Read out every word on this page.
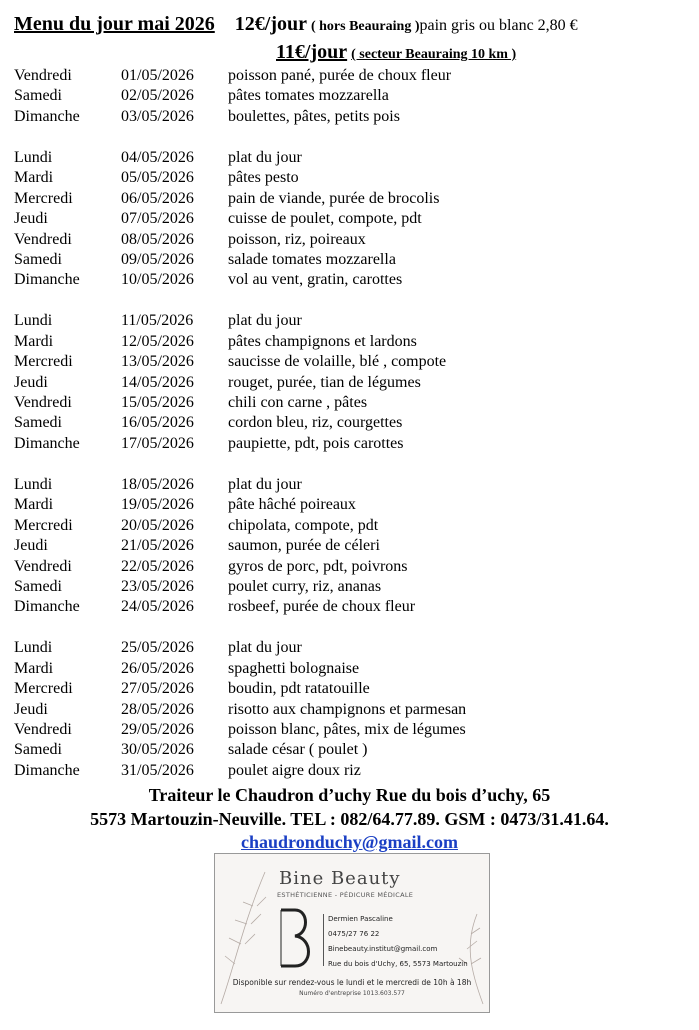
Menu du jour mai 2026 12€/jour ( hors Beauraing )pain gris ou blanc 2,80 €
11€/jour ( secteur Beauraing 10 km )
Vendredi	01/05/2026 poisson pané, purée de choux fleur
Samedi	02/05/2026 pâtes tomates mozzarella
Dimanche	03/05/2026 boulettes, pâtes, petits pois
Lundi	04/05/2026 plat du jour
Mardi	05/05/2026 pâtes pesto
Mercredi	06/05/2026 pain de viande, purée de brocolis
Jeudi	07/05/2026 cuisse de poulet, compote, pdt
Vendredi	08/05/2026 poisson, riz, poireaux
Samedi	09/05/2026 salade tomates mozzarella
Dimanche	10/05/2026 vol au vent, gratin, carottes
Lundi	11/05/2026 plat du jour
Mardi	12/05/2026 pâtes champignons et lardons
Mercredi	13/05/2026 saucisse de volaille, blé , compote
Jeudi	14/05/2026 rouget, purée, tian de légumes
Vendredi	15/05/2026 chili con carne , pâtes
Samedi	16/05/2026 cordon bleu, riz, courgettes
Dimanche	17/05/2026 paupiette, pdt, pois carottes
Lundi	18/05/2026 plat du jour
Mardi	19/05/2026 pâte hâché poireaux
Mercredi	20/05/2026 chipolata, compote, pdt
Jeudi	21/05/2026 saumon, purée de céleri
Vendredi	22/05/2026 gyros de porc, pdt, poivrons
Samedi	23/05/2026 poulet curry, riz, ananas
Dimanche	24/05/2026 rosbeef, purée de choux fleur
Lundi	25/05/2026 plat du jour
Mardi	26/05/2026 spaghetti bolognaise
Mercredi	27/05/2026 boudin, pdt ratatouille
Jeudi	28/05/2026 risotto aux champignons et parmesan
Vendredi	29/05/2026 poisson blanc, pâtes, mix de légumes
Samedi	30/05/2026 salade césar ( poulet )
Dimanche	31/05/2026 poulet aigre doux riz
Traiteur le Chaudron d’uchy Rue du bois d’uchy, 65
5573 Martouzin-Neuville. TEL : 082/64.77.89. GSM : 0473/31.41.64.
chaudronduchy@gmail.com
Bine Beauty
ESTHÉTICIENNE - PÉDICURE MÉDICALE
Dermien Pascaline
0475/27 76 22
Binebeauty.institut@gmail.com
Rue du bois d'Uchy, 65, 5573 Martouzin
Disponible sur rendez-vous le lundi et le mercredi de 10h à 18h
Numéro d'entreprise 1013.603.577
